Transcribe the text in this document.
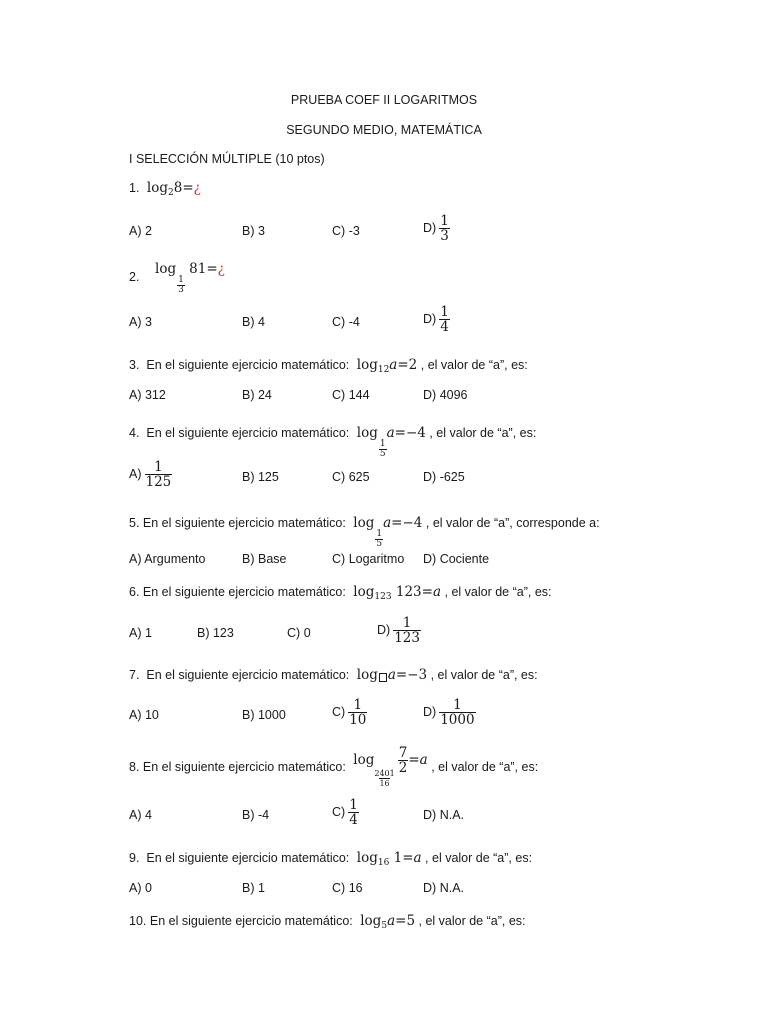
PRUEBA COEF II LOGARITMOS
SEGUNDO MEDIO, MATEMÁTICA
I SELECCIÓN MÚLTIPLE (10 ptos)
1. $\log_28=¿$
A) 2	B) 3	C) -3	$D) \frac{1}{3}$
2. log
$\frac{1}{3}$
81=¿
A) 3	B) 4	C) -4	$D) \frac{1}{4}$
3. En el siguiente ejercicio matemático: $\log_{12}a=2$ , el valor de “a”, es:
A) 312	B) 24	C) 144	D) 4096
4. En el siguiente ejercicio matemático: log
$\frac{1}{5}$
a=−4 , el valor de “a”, es:
$A) \frac{1}{125}$	B) 125	C) 625	D) -625
5. En el siguiente ejercicio matemático: log
$\frac{1}{5}$
a=−4 , el valor de “a”, corresponde a:
A) Argumento	B) Base	C) Logaritmo D) Cociente
6. En el siguiente ejercicio matemático: $\log_{123} 123=a$ , el valor de “a”, es:
A) 1	B) 123	C) 0	$D) \frac{1}{123}$
7. En el siguiente ejercicio matemático: log a=−3 , el valor de “a”, es:
A) 10	B) 1000	$C) \frac{1}{10}$	$D) \frac{1}{1000}$
8. En el siguiente ejercicio matemático: log
$\frac{2401}{16}$
$\frac{7}{2} =a$ , el valor de “a”, es:
A) 4	B) -4	$C) \frac{1}{4}$	D) N.A.
9. En el siguiente ejercicio matemático: $\log_{16} 1=a$ , el valor de “a”, es:
A) 0	B) 1	C) 16	D) N.A.
10. En el siguiente ejercicio matemático: $\log_5a=5$ , el valor de “a”, es:
